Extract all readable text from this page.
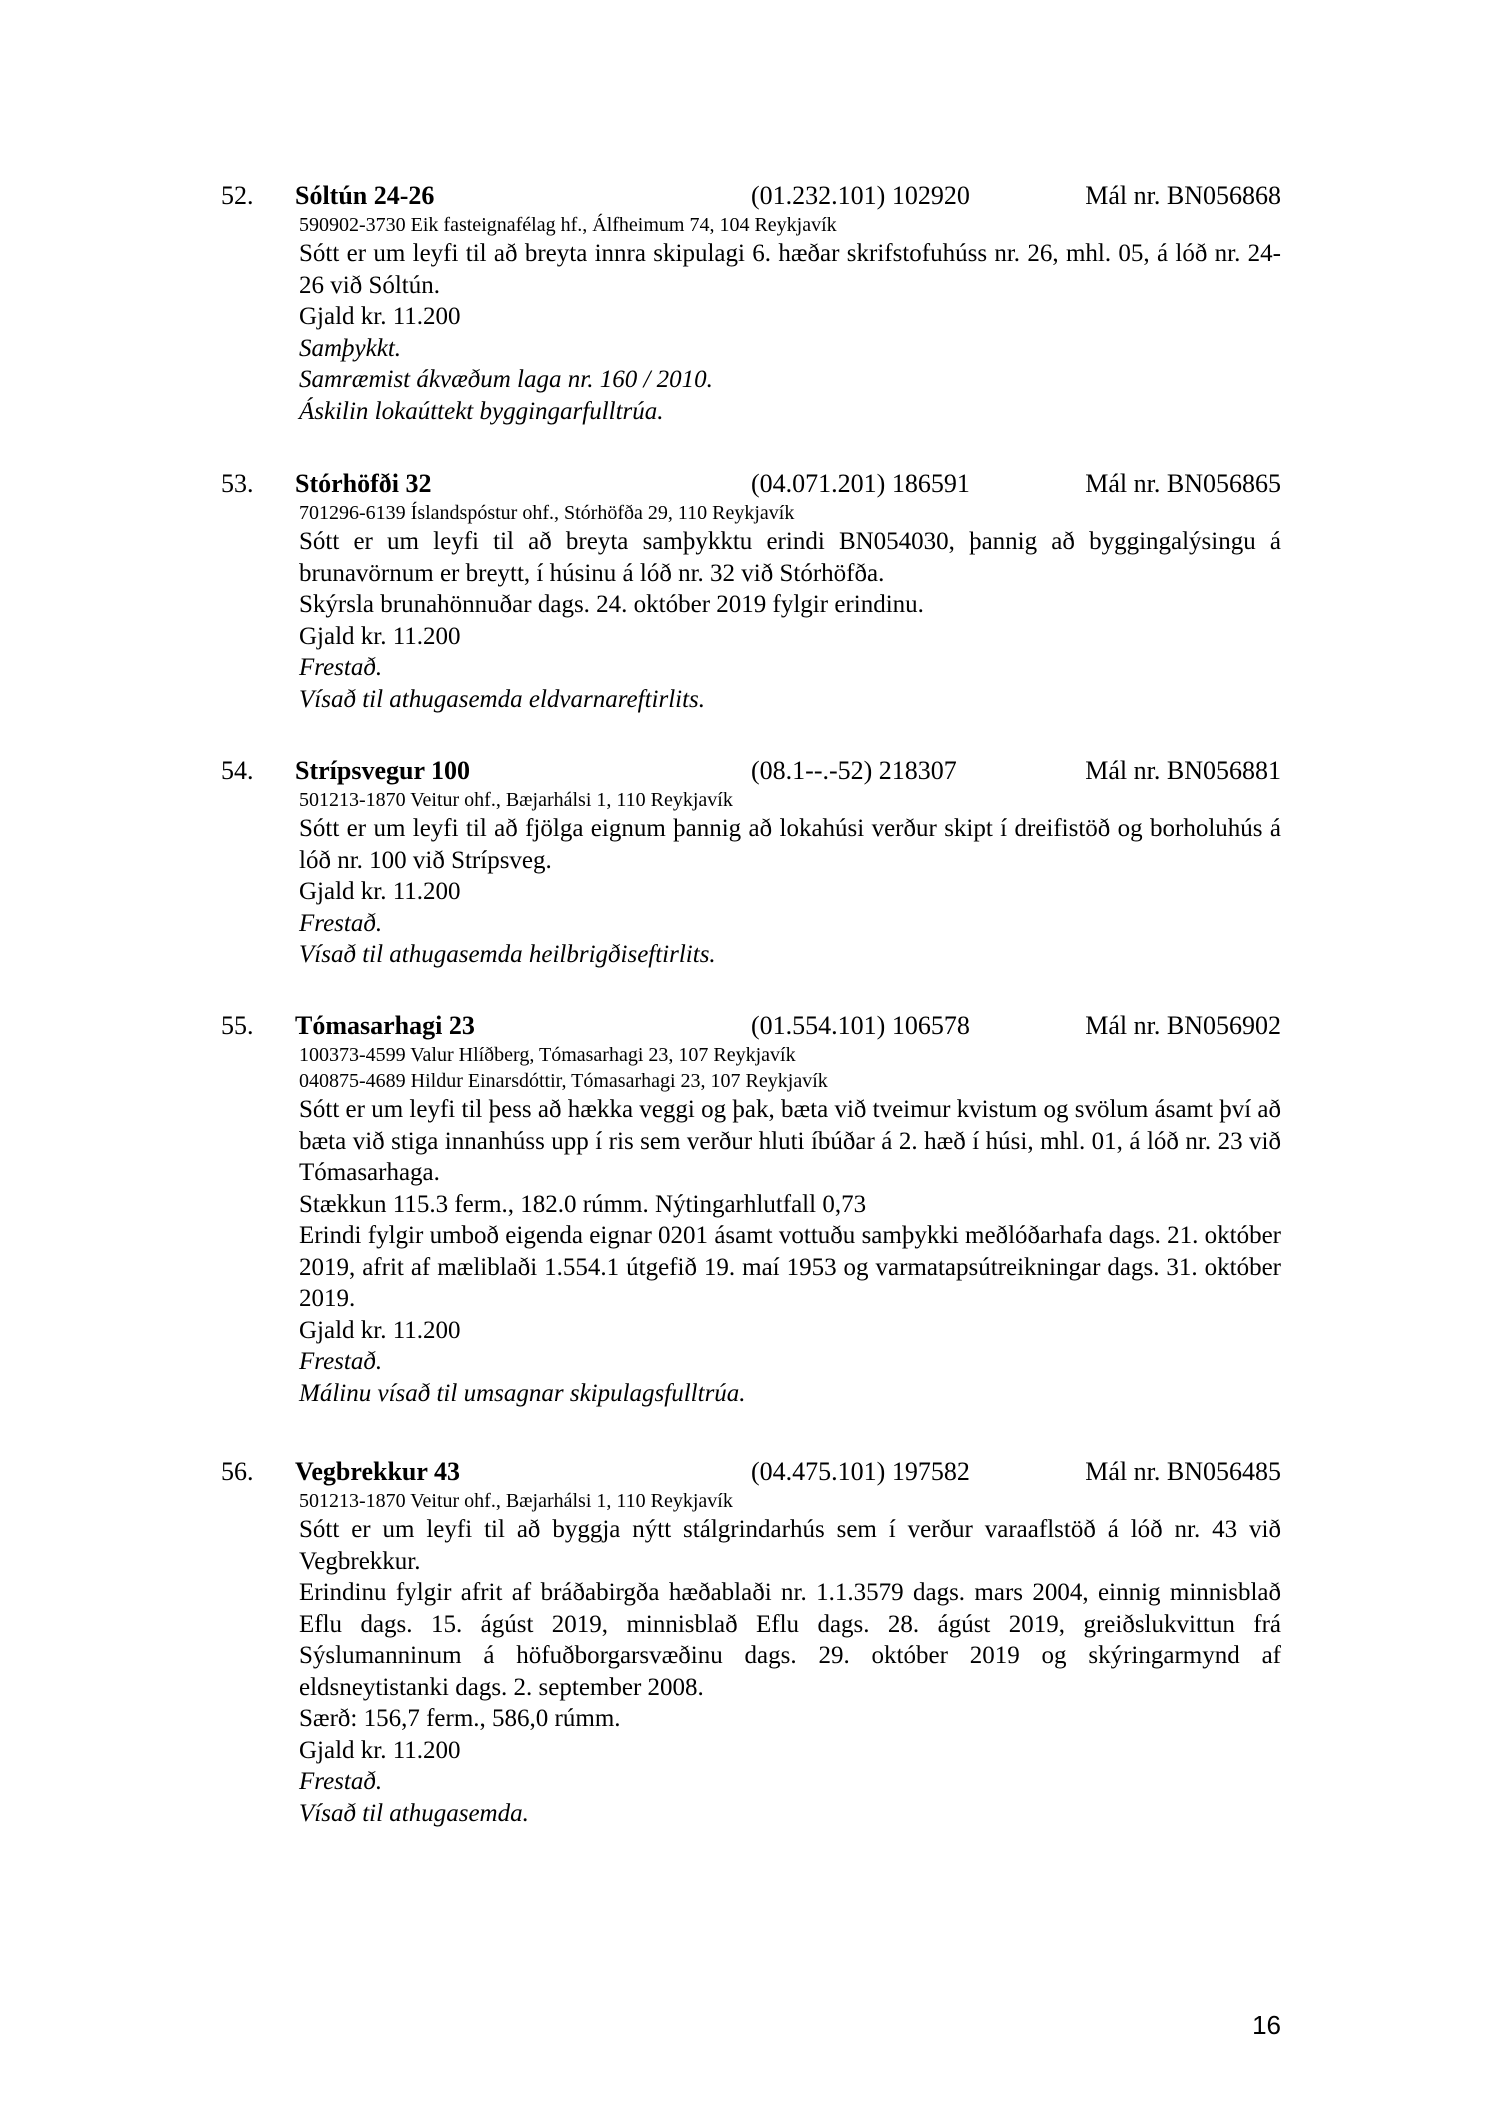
52. Sóltún 24-26	(01.232.101) 102920	Mál nr. BN056868
590902-3730 Eik fasteignafélag hf., Álfheimum 74, 104 Reykjavík
Sótt er um leyfi til að breyta innra skipulagi 6. hæðar skrifstofuhúss nr. 26, mhl. 05, á lóð nr. 24-26 við Sóltún.
Gjald kr. 11.200
Samþykkt.
Samræmist ákvæðum laga nr. 160 / 2010.
Áskilin lokaúttekt byggingarfulltrúa.
53. Stórhöfði 32	(04.071.201) 186591	Mál nr. BN056865
701296-6139 Íslandspóstur ohf., Stórhöfða 29, 110 Reykjavík
Sótt er um leyfi til að breyta samþykktu erindi BN054030, þannig að byggingalýsingu á brunavörnum er breytt, í húsinu á lóð nr. 32 við Stórhöfða.
Skýrsla brunahönnuðar dags. 24. október 2019 fylgir erindinu.
Gjald kr. 11.200
Frestað.
Vísað til athugasemda eldvarnareftirlits.
54. Strípsvegur 100	(08.1--.-52) 218307	Mál nr. BN056881
501213-1870 Veitur ohf., Bæjarhálsi 1, 110 Reykjavík
Sótt er um leyfi til að fjölga eignum þannig að lokahúsi verður skipt í dreifistöð og borholuhús á lóð nr. 100 við Strípsveg.
Gjald kr. 11.200
Frestað.
Vísað til athugasemda heilbrigðiseftirlits.
55. Tómasarhagi 23	(01.554.101) 106578	Mál nr. BN056902
100373-4599 Valur Hlíðberg, Tómasarhagi 23, 107 Reykjavík
040875-4689 Hildur Einarsdóttir, Tómasarhagi 23, 107 Reykjavík
Sótt er um leyfi til þess að hækka veggi og þak, bæta við tveimur kvistum og svölum ásamt því að bæta við stiga innanhúss upp í ris sem verður hluti íbúðar á 2. hæð í húsi, mhl. 01, á lóð nr. 23 við Tómasarhaga.
Stækkun 115.3 ferm., 182.0 rúmm. Nýtingarhlutfall 0,73
Erindi fylgir umboð eigenda eignar 0201 ásamt vottuðu samþykki meðlóðarhafa dags. 21. október 2019, afrit af mæliblaði 1.554.1 útgefið 19. maí 1953 og varmatapsútreikningar dags. 31. október 2019.
Gjald kr. 11.200
Frestað.
Málinu vísað til umsagnar skipulagsfulltrúa.
56. Vegbrekkur 43	(04.475.101) 197582	Mál nr. BN056485
501213-1870 Veitur ohf., Bæjarhálsi 1, 110 Reykjavík
Sótt er um leyfi til að byggja nýtt stálgrindarhús sem í verður varaaflstöð á lóð nr. 43 við Vegbrekkur.
Erindinu fylgir afrit af bráðabirgða hæðablaði nr. 1.1.3579 dags. mars 2004, einnig minnisblað Eflu dags. 15. ágúst 2019, minnisblað Eflu dags. 28. ágúst 2019, greiðslukvittun frá Sýslumanninum á höfuðborgarsvæðinu dags. 29. október 2019 og skýringarmynd af eldsneytistanki dags. 2. september 2008.
Særð: 156,7 ferm., 586,0 rúmm.
Gjald kr. 11.200
Frestað.
Vísað til athugasemda.
16
